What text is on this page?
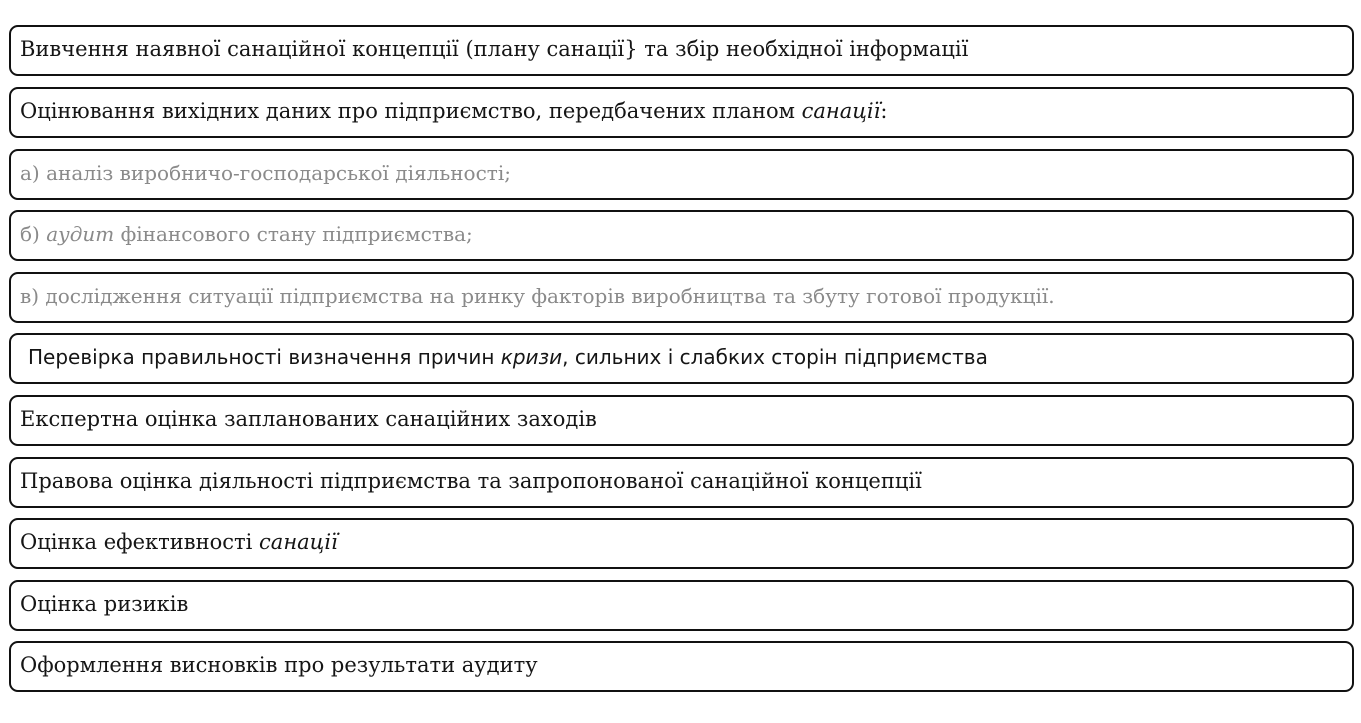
Вивчення наявної санаційної концепції (плану санації} та збір необхідної інформації
Оцінювання вихідних даних про підприємство, передбачених планом санації:
а) аналіз виробничо-господарської діяльності;
б) аудит фінансового стану підприємства;
в) дослідження ситуації підприємства на ринку факторів виробництва та збуту готової продукції.
Перевірка правильності визначення причин кризи, сильних і слабких сторін підприємства
Експертна оцінка запланованих санаційних заходів
Правова оцінка діяльності підприємства та запропонованої санаційної концепції
Оцінка ефективності санації
Оцінка ризиків
Оформлення висновків про результати аудиту
